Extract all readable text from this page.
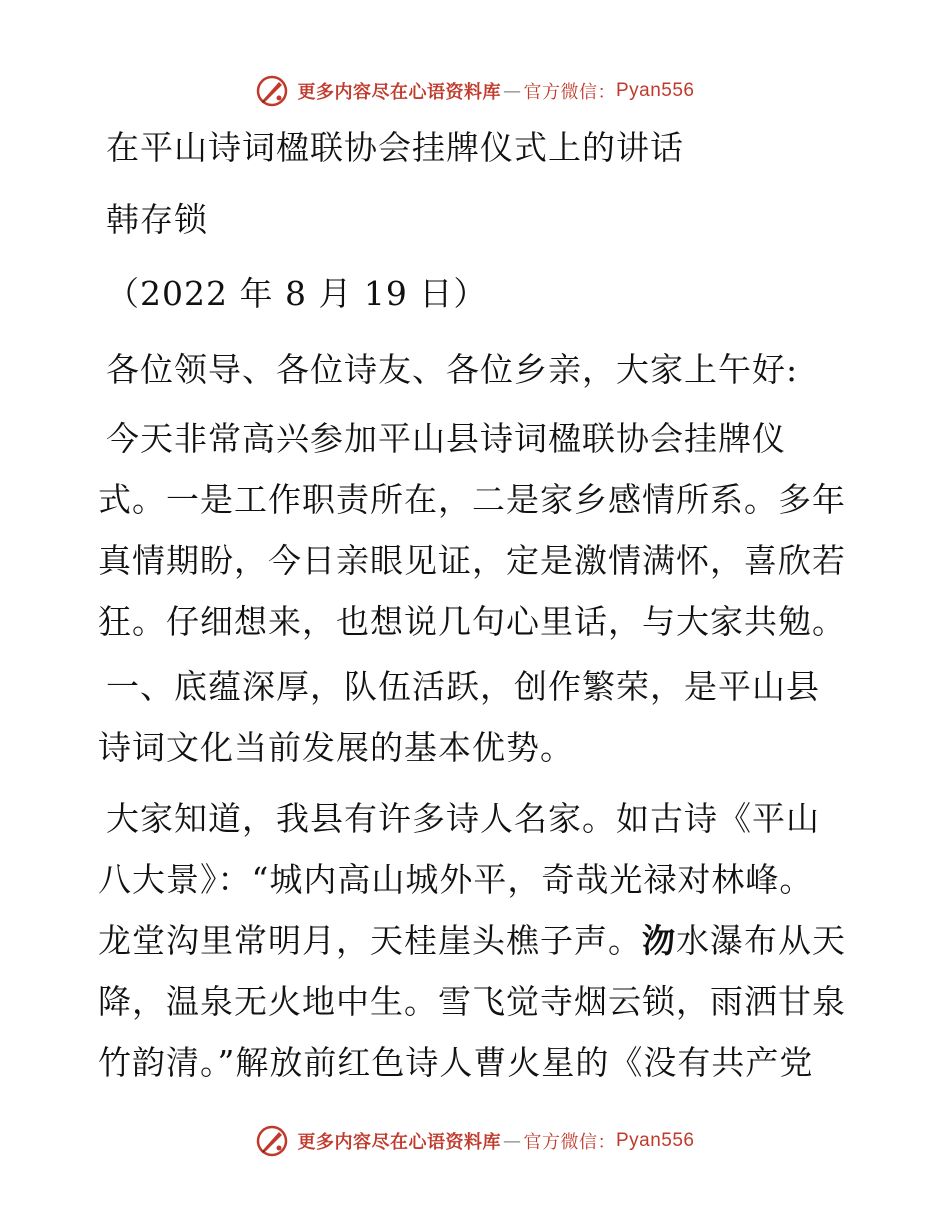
更多内容尽在心语资料库 — 官方微信： Pyan556

在平山诗词楹联协会挂牌仪式上的讲话

韩存锁

（2022 年 8 月 19 日）

各位领导、各位诗友、各位乡亲，大家上午好:

今天非常高兴参加平山县诗词楹联协会挂牌仪
式。一是工作职责所在，二是家乡感情所系。多年
真情期盼，今日亲眼见证，定是激情满怀，喜欣若
狂。仔细想来，也想说几句心里话，与大家共勉。
一、底蕴深厚，队伍活跃，创作繁荣，是平山县
诗词文化当前发展的基本优势。
大家知道，我县有许多诗人名家。如古诗《平山
八大景》：“城内高山城外平，奇哉光禄对林峰。
龙堂沟里常明月，天桂崖头樵子声。沕水瀑布从天
降，温泉无火地中生。雪飞觉寺烟云锁，雨洒甘泉
竹韵清。”解放前红色诗人曹火星的《没有共产党
更多内容尽在心语资料库 — 官方微信： Pyan556
